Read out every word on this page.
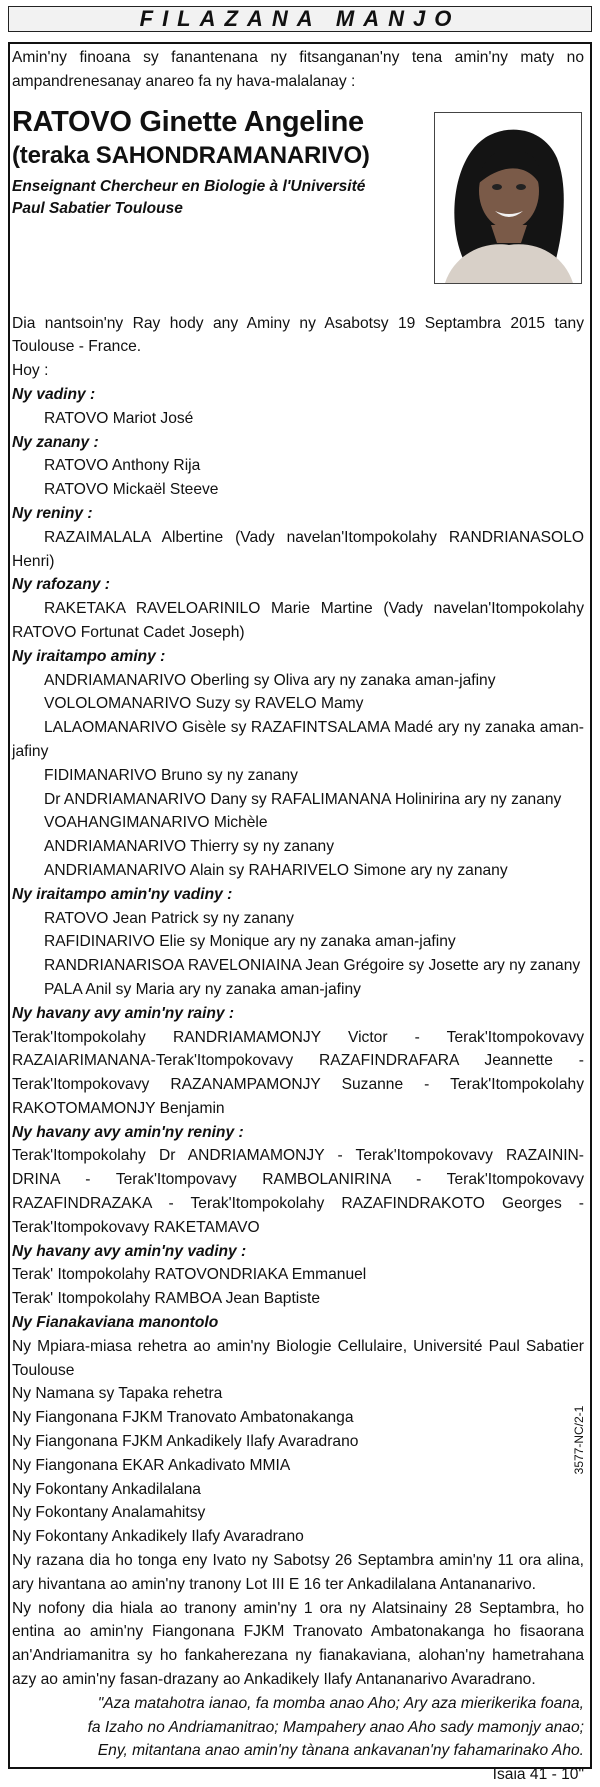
FILAZANA MANJO

Amin'ny finoana sy fanantenana ny fitsanganan'ny tena amin'ny maty no ampandrenesanay anareo fa ny hava-malalanay :

RATOVO Ginette Angeline
(teraka SAHONDRAMANARIVO)
Enseignant Chercheur en Biologie à l'Université
Paul Sabatier Toulouse

Dia nantsoin'ny Ray hody any Aminy ny Asabotsy 19 Septambra 2015 tany Toulouse - France.

Hoy :

Ny vadiny :

RATOVO Mariot José

Ny zanany :

RATOVO Anthony Rija

RATOVO Mickaël Steeve

Ny reniny :

RAZAIMALALA Albertine (Vady navelan'Itompokolahy RANDRIANASOLO Henri)

Ny rafozany :

RAKETAKA RAVELOARINILO Marie Martine (Vady navelan'Itompokolahy RATOVO Fortunat Cadet Joseph)

Ny iraitampo aminy :

ANDRIAMANARIVO Oberling sy Oliva ary ny zanaka aman-jafiny

VOLOLOMANARIVO Suzy sy RAVELO Mamy

LALAOMANARIVO Gisèle sy RAZAFINTSALAMA Madé ary ny zanaka aman-jafiny

FIDIMANARIVO Bruno sy ny zanany

Dr ANDRIAMANARIVO Dany sy RAFALIMANANA Holinirina ary ny zanany

VOAHANGIMANARIVO Michèle

ANDRIAMANARIVO Thierry sy ny zanany

ANDRIAMANARIVO Alain sy RAHARIVELO Simone ary ny zanany

Ny iraitampo amin'ny vadiny :

RATOVO Jean Patrick sy ny zanany

RAFIDINARIVO Elie sy Monique ary ny zanaka aman-jafiny

RANDRIANARISOA RAVELONIAINA Jean Grégoire sy Josette ary ny zanany

PALA Anil sy Maria ary ny zanaka aman-jafiny

Ny havany avy amin'ny rainy :

Terak'Itompokolahy RANDRIAMAMONJY Victor - Terak'Itompokovavy RAZAIARIMANANA-Terak'Itompokovavy RAZAFINDRAFARA Jeannette - Terak'Itompokovavy RAZANAMPAMONJY Suzanne - Terak'Itompokolahy RAKOTOMAMONJY Benjamin

Ny havany avy amin'ny reniny :

Terak'Itompokolahy Dr ANDRIAMAMONJY - Terak'Itompokovavy RAZAININ-DRINA - Terak'Itompovavy RAMBOLANIRINA - Terak'Itompokovavy RAZAFINDRAZAKA - Terak'Itompokolahy RAZAFINDRAKOTO Georges - Terak'Itompokovavy RAKETAMAVO

Ny havany avy amin'ny vadiny :

Terak' Itompokolahy RATOVONDRIAKA Emmanuel

Terak' Itompokolahy RAMBOA Jean Baptiste

Ny Fianakaviana manontolo

Ny Mpiara-miasa rehetra ao amin'ny Biologie Cellulaire, Université Paul Sabatier Toulouse

Ny Namana sy Tapaka rehetra

Ny Fiangonana FJKM Tranovato Ambatonakanga

Ny Fiangonana FJKM Ankadikely Ilafy Avaradrano

Ny Fiangonana EKAR Ankadivato MMIA

Ny Fokontany Ankadilalana

Ny Fokontany Analamahitsy

Ny Fokontany Ankadikely Ilafy Avaradrano

Ny razana dia ho tonga eny Ivato ny Sabotsy 26 Septambra amin'ny 11 ora alina, ary hivantana ao amin'ny tranony Lot III E 16 ter Ankadilalana Antananarivo.

Ny nofony dia hiala ao tranony amin'ny 1 ora ny Alatsinainy 28 Septambra, ho entina ao amin'ny Fiangonana FJKM Tranovato Ambatonakanga ho fisaorana an'Andriamanitra sy ho fankaherezana ny fianakaviana, alohan'ny hametrahana azy ao amin'ny fasan-drazany ao Ankadikely Ilafy Antananarivo Avaradrano.

"Aza matahotra ianao, fa momba anao Aho; Ary aza mierikerika foana,

fa Izaho no Andriamanitrao; Mampahery anao Aho sady mamonjy anao;

Eny, mitantana anao amin'ny tànana ankavanan'ny fahamarinako Aho.

Isaia 41 - 10"

3577-NC/2-1
